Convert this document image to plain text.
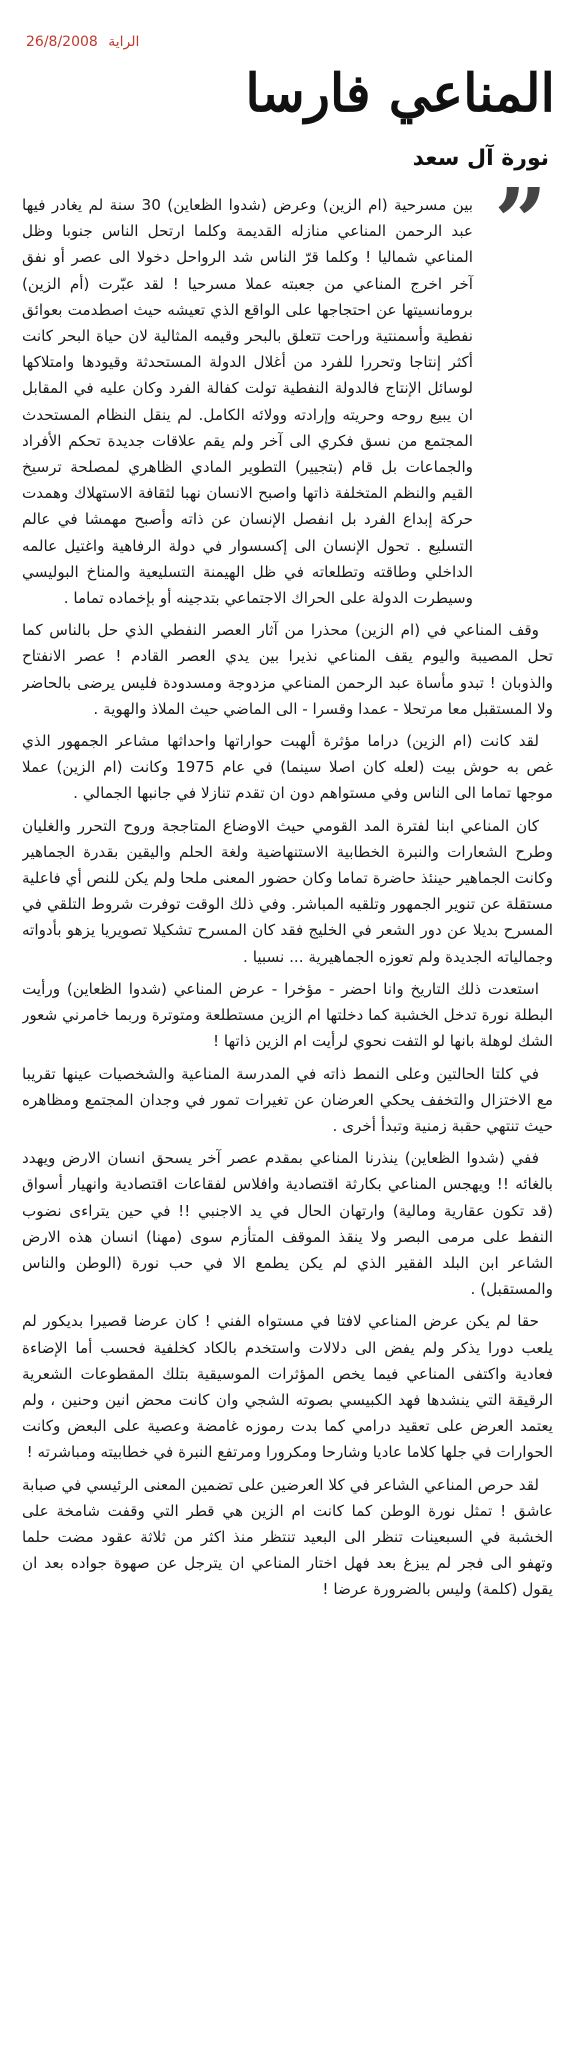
الراية 26/8/2008
المناعي فارسا
نورة آل سعد
”

بين مسرحية (ام الزين) وعرض (شدوا الظعاين) 30 سنة لم يغادر فيها عبد الرحمن المناعي منازله القديمة وكلما ارتحل الناس جنوبا وظل المناعي شماليا ! وكلما قرّ الناس شد الرواحل دخولا الى عصر أو نفق آخر اخرج المناعي من جعبته عملا مسرحيا ! لقد عبّرت (أم الزين) برومانسيتها عن احتجاجها على الواقع الذي تعيشه حيث اصطدمت بعوائق نفطية وأسمنتية وراحت تتعلق بالبحر وقيمه المثالية لان حياة البحر كانت أكثر إنتاجا وتحررا للفرد من أغلال الدولة المستحدثة وقيودها وامتلاكها لوسائل الإنتاج فالدولة النفطية تولت كفالة الفرد وكان عليه في المقابل ان يبيع روحه وحريته وإرادته وولائه الكامل. لم ينقل النظام المستحدث المجتمع من نسق فكري الى آخر ولم يقم علاقات جديدة تحكم الأفراد والجماعات بل قام (بتجيير) التطوير المادي الظاهري لمصلحة ترسيخ القيم والنظم المتخلفة ذاتها واصبح الانسان نهبا لثقافة الاستهلاك وهمدت حركة إبداع الفرد بل انفصل الإنسان عن ذاته وأصبح مهمشا في عالم التسليع . تحول الإنسان الى إكسسوار في دولة الرفاهية واغتيل عالمه الداخلي وطاقته وتطلعاته في ظل الهيمنة التسليعية والمناخ البوليسي وسيطرت الدولة على الحراك الاجتماعي بتدجينه أو بإخماده تماما .

وقف المناعي في (ام الزين) محذرا من آثار العصر النفطي الذي حل بالناس كما تحل المصيبة واليوم يقف المناعي نذيرا بين يدي العصر القادم ! عصر الانفتاح والذوبان ! تبدو مأساة عبد الرحمن المناعي مزدوجة ومسدودة فليس يرضى بالحاضر ولا المستقبل معا مرتحلا - عمدا وقسرا - الى الماضي حيث الملاذ والهوية .

لقد كانت (ام الزين) دراما مؤثرة ألهبت حواراتها واحداثها مشاعر الجمهور الذي غص به حوش بيت (لعله كان اصلا سينما) في عام 1975 وكانت (ام الزين) عملا موجها تماما الى الناس وفي مستواهم دون ان تقدم تنازلا في جانبها الجمالي .

كان المناعي ابنا لفترة المد القومي حيث الاوضاع المتاججة وروح التحرر والغليان وطرح الشعارات والنبرة الخطابية الاستنهاضية ولغة الحلم واليقين بقدرة الجماهير وكانت الجماهير حينئذ حاضرة تماما وكان حضور المعنى ملحا ولم يكن للنص أي فاعلية مستقلة عن تنوير الجمهور وتلقيه المباشر. وفي ذلك الوقت توفرت شروط التلقي في المسرح بديلا عن دور الشعر في الخليج فقد كان المسرح تشكيلا تصويريا يزهو بأدواته وجمالياته الجديدة ولم تعوزه الجماهيرية ... نسبيا .

استعدت ذلك التاريخ وانا احضر - مؤخرا - عرض المناعي (شدوا الظعاين) ورأيت البطلة نورة تدخل الخشبة كما دخلتها ام الزين مستطلعة ومتوترة وربما خامرني شعور الشك لوهلة بانها لو التفت نحوي لرأيت ام الزين ذاتها !

في كلتا الحالتين وعلى النمط ذاته في المدرسة المناعية والشخصيات عينها تقريبا مع الاختزال والتخفف يحكي العرضان عن تغيرات تمور في وجدان المجتمع ومظاهره حيث تنتهي حقبة زمنية وتبدأ أخرى .

ففي (شدوا الظعاين) ينذرنا المناعي بمقدم عصر آخر يسحق انسان الارض ويهدد بالغائه !! ويهجس المناعي بكارثة اقتصادية وافلاس لفقاعات اقتصادية وانهيار أسواق (قد تكون عقارية ومالية) وارتهان الحال في يد الاجنبي !! في حين يتراءى نضوب النفط على مرمى البصر ولا ينقذ الموقف المتأزم سوى (مهنا) انسان هذه الارض الشاعر ابن البلد الفقير الذي لم يكن يطمع الا في حب نورة (الوطن والناس والمستقبل) .

حقا لم يكن عرض المناعي لافتا في مستواه الفني ! كان عرضا قصيرا بديكور لم يلعب دورا يذكر ولم يفض الى دلالات واستخدم بالكاد كخلفية فحسب أما الإضاءة فعادية واكتفى المناعي فيما يخص المؤثرات الموسيقية بتلك المقطوعات الشعرية الرقيقة التي ينشدها فهد الكبيسي بصوته الشجي وان كانت محض انين وحنين ، ولم يعتمد العرض على تعقيد درامي كما بدت رموزه غامضة وعصية على البعض وكانت الحوارات في جلها كلاما عاديا وشارحا ومكرورا ومرتفع النبرة في خطابيته ومباشرته !

لقد حرص المناعي الشاعر في كلا العرضين على تضمين المعنى الرئيسي في صبابة عاشق ! تمثل نورة الوطن كما كانت ام الزين هي قطر التي وقفت شامخة على الخشبة في السبعينات تنظر الى البعيد تنتظر منذ اكثر من ثلاثة عقود مضت حلما وتهفو الى فجر لم يبزغ بعد فهل اختار المناعي ان يترجل عن صهوة جواده بعد ان يقول (كلمة) وليس بالضرورة عرضا !
